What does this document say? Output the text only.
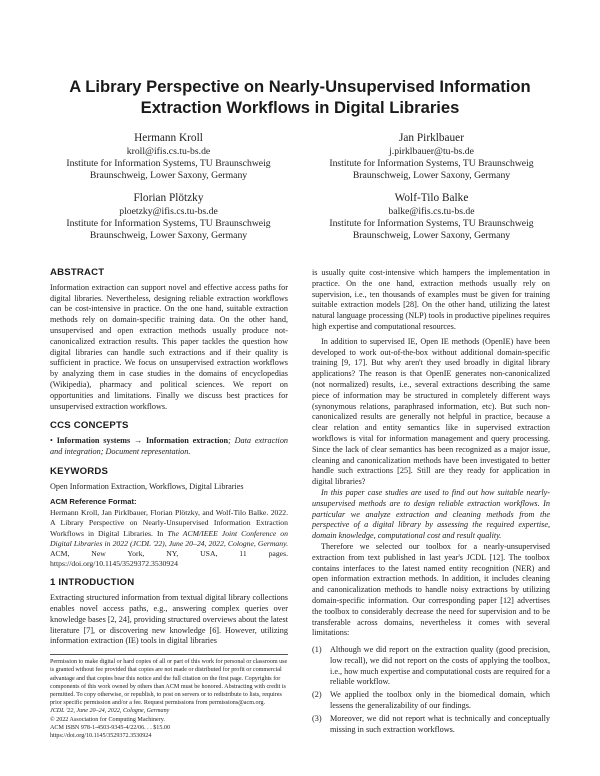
A Library Perspective on Nearly-Unsupervised Information
Extraction Workflows in Digital Libraries
Hermann Kroll
kroll@ifis.cs.tu-bs.de
Institute for Information Systems, TU Braunschweig
Braunschweig, Lower Saxony, Germany
Jan Pirklbauer
j.pirklbauer@tu-bs.de
Institute for Information Systems, TU Braunschweig
Braunschweig, Lower Saxony, Germany
Florian Plötzky
ploetzky@ifis.cs.tu-bs.de
Institute for Information Systems, TU Braunschweig
Braunschweig, Lower Saxony, Germany
Wolf-Tilo Balke
balke@ifis.cs.tu-bs.de
Institute for Information Systems, TU Braunschweig
Braunschweig, Lower Saxony, Germany
ABSTRACT

Information extraction can support novel and effective access paths for digital libraries. Nevertheless, designing reliable extraction workflows can be cost-intensive in practice. On the one hand, suitable extraction methods rely on domain-specific training data. On the other hand, unsupervised and open extraction methods usually produce not-canonicalized extraction results. This paper tackles the question how digital libraries can handle such extractions and if their quality is sufficient in practice. We focus on unsupervised extraction workflows by analyzing them in case studies in the domains of encyclopedias (Wikipedia), pharmacy and political sciences. We report on opportunities and limitations. Finally we discuss best practices for unsupervised extraction workflows.

CCS CONCEPTS

• Information systems → Information extraction; Data extraction and integration; Document representation.

KEYWORDS

Open Information Extraction, Workflows, Digital Libraries

ACM Reference Format:

Hermann Kroll, Jan Pirklbauer, Florian Plötzky, and Wolf-Tilo Balke. 2022. A Library Perspective on Nearly-Unsupervised Information Extraction Workflows in Digital Libraries. In The ACM/IEEE Joint Conference on Digital Libraries in 2022 (JCDL '22), June 20–24, 2022, Cologne, Germany. ACM, New York, NY, USA, 11 pages. https://doi.org/10.1145/3529372.3530924

1 INTRODUCTION

Extracting structured information from textual digital library collections enables novel access paths, e.g., answering complex queries over knowledge bases [2, 24], providing structured overviews about the latest literature [7], or discovering new knowledge [6]. However, utilizing information extraction (IE) tools in digital libraries

Permission to make digital or hard copies of all or part of this work for personal or classroom use is granted without fee provided that copies are not made or distributed for profit or commercial advantage and that copies bear this notice and the full citation on the first page. Copyrights for components of this work owned by others than ACM must be honored. Abstracting with credit is permitted. To copy otherwise, or republish, to post on servers or to redistribute to lists, requires prior specific permission and/or a fee. Request permissions from permissions@acm.org.

JCDL '22, June 20–24, 2022, Cologne, Germany

© 2022 Association for Computing Machinery.

ACM ISBN 978-1-4503-9345-4/22/06. . . $15.00

https://doi.org/10.1145/3529372.3530924

is usually quite cost-intensive which hampers the implementation in practice. On the one hand, extraction methods usually rely on supervision, i.e., ten thousands of examples must be given for training suitable extraction models [28]. On the other hand, utilizing the latest natural language processing (NLP) tools in productive pipelines requires high expertise and computational resources.

In addition to supervised IE, Open IE methods (OpenIE) have been developed to work out-of-the-box without additional domain-specific training [9, 17]. But why aren't they used broadly in digital library applications? The reason is that OpenIE generates non-canonicalized (not normalized) results, i.e., several extractions describing the same piece of information may be structured in completely different ways (synonymous relations, paraphrased information, etc). But such non-canonicalized results are generally not helpful in practice, because a clear relation and entity semantics like in supervised extraction workflows is vital for information management and query processing. Since the lack of clear semantics has been recognized as a major issue, cleaning and canonicalization methods have been investigated to better handle such extractions [25]. Still are they ready for application in digital libraries?

In this paper case studies are used to find out how suitable nearly-unsupervised methods are to design reliable extraction workflows. In particular we analyze extraction and cleaning methods from the perspective of a digital library by assessing the required expertise, domain knowledge, computational cost and result quality.

Therefore we selected our toolbox for a nearly-unsupervised extraction from text published in last year's JCDL [12]. The toolbox contains interfaces to the latest named entity recognition (NER) and open information extraction methods. In addition, it includes cleaning and canonicalization methods to handle noisy extractions by utilizing domain-specific information. Our corresponding paper [12] advertises the toolbox to considerably decrease the need for supervision and to be transferable across domains, nevertheless it comes with several limitations:

(1) Although we did report on the extraction quality (good precision, low recall), we did not report on the costs of applying the toolbox, i.e., how much expertise and computational costs are required for a reliable workflow.
(2) We applied the toolbox only in the biomedical domain, which lessens the generalizability of our findings.
(3) Moreover, we did not report what is technically and conceptually missing in such extraction workflows.
